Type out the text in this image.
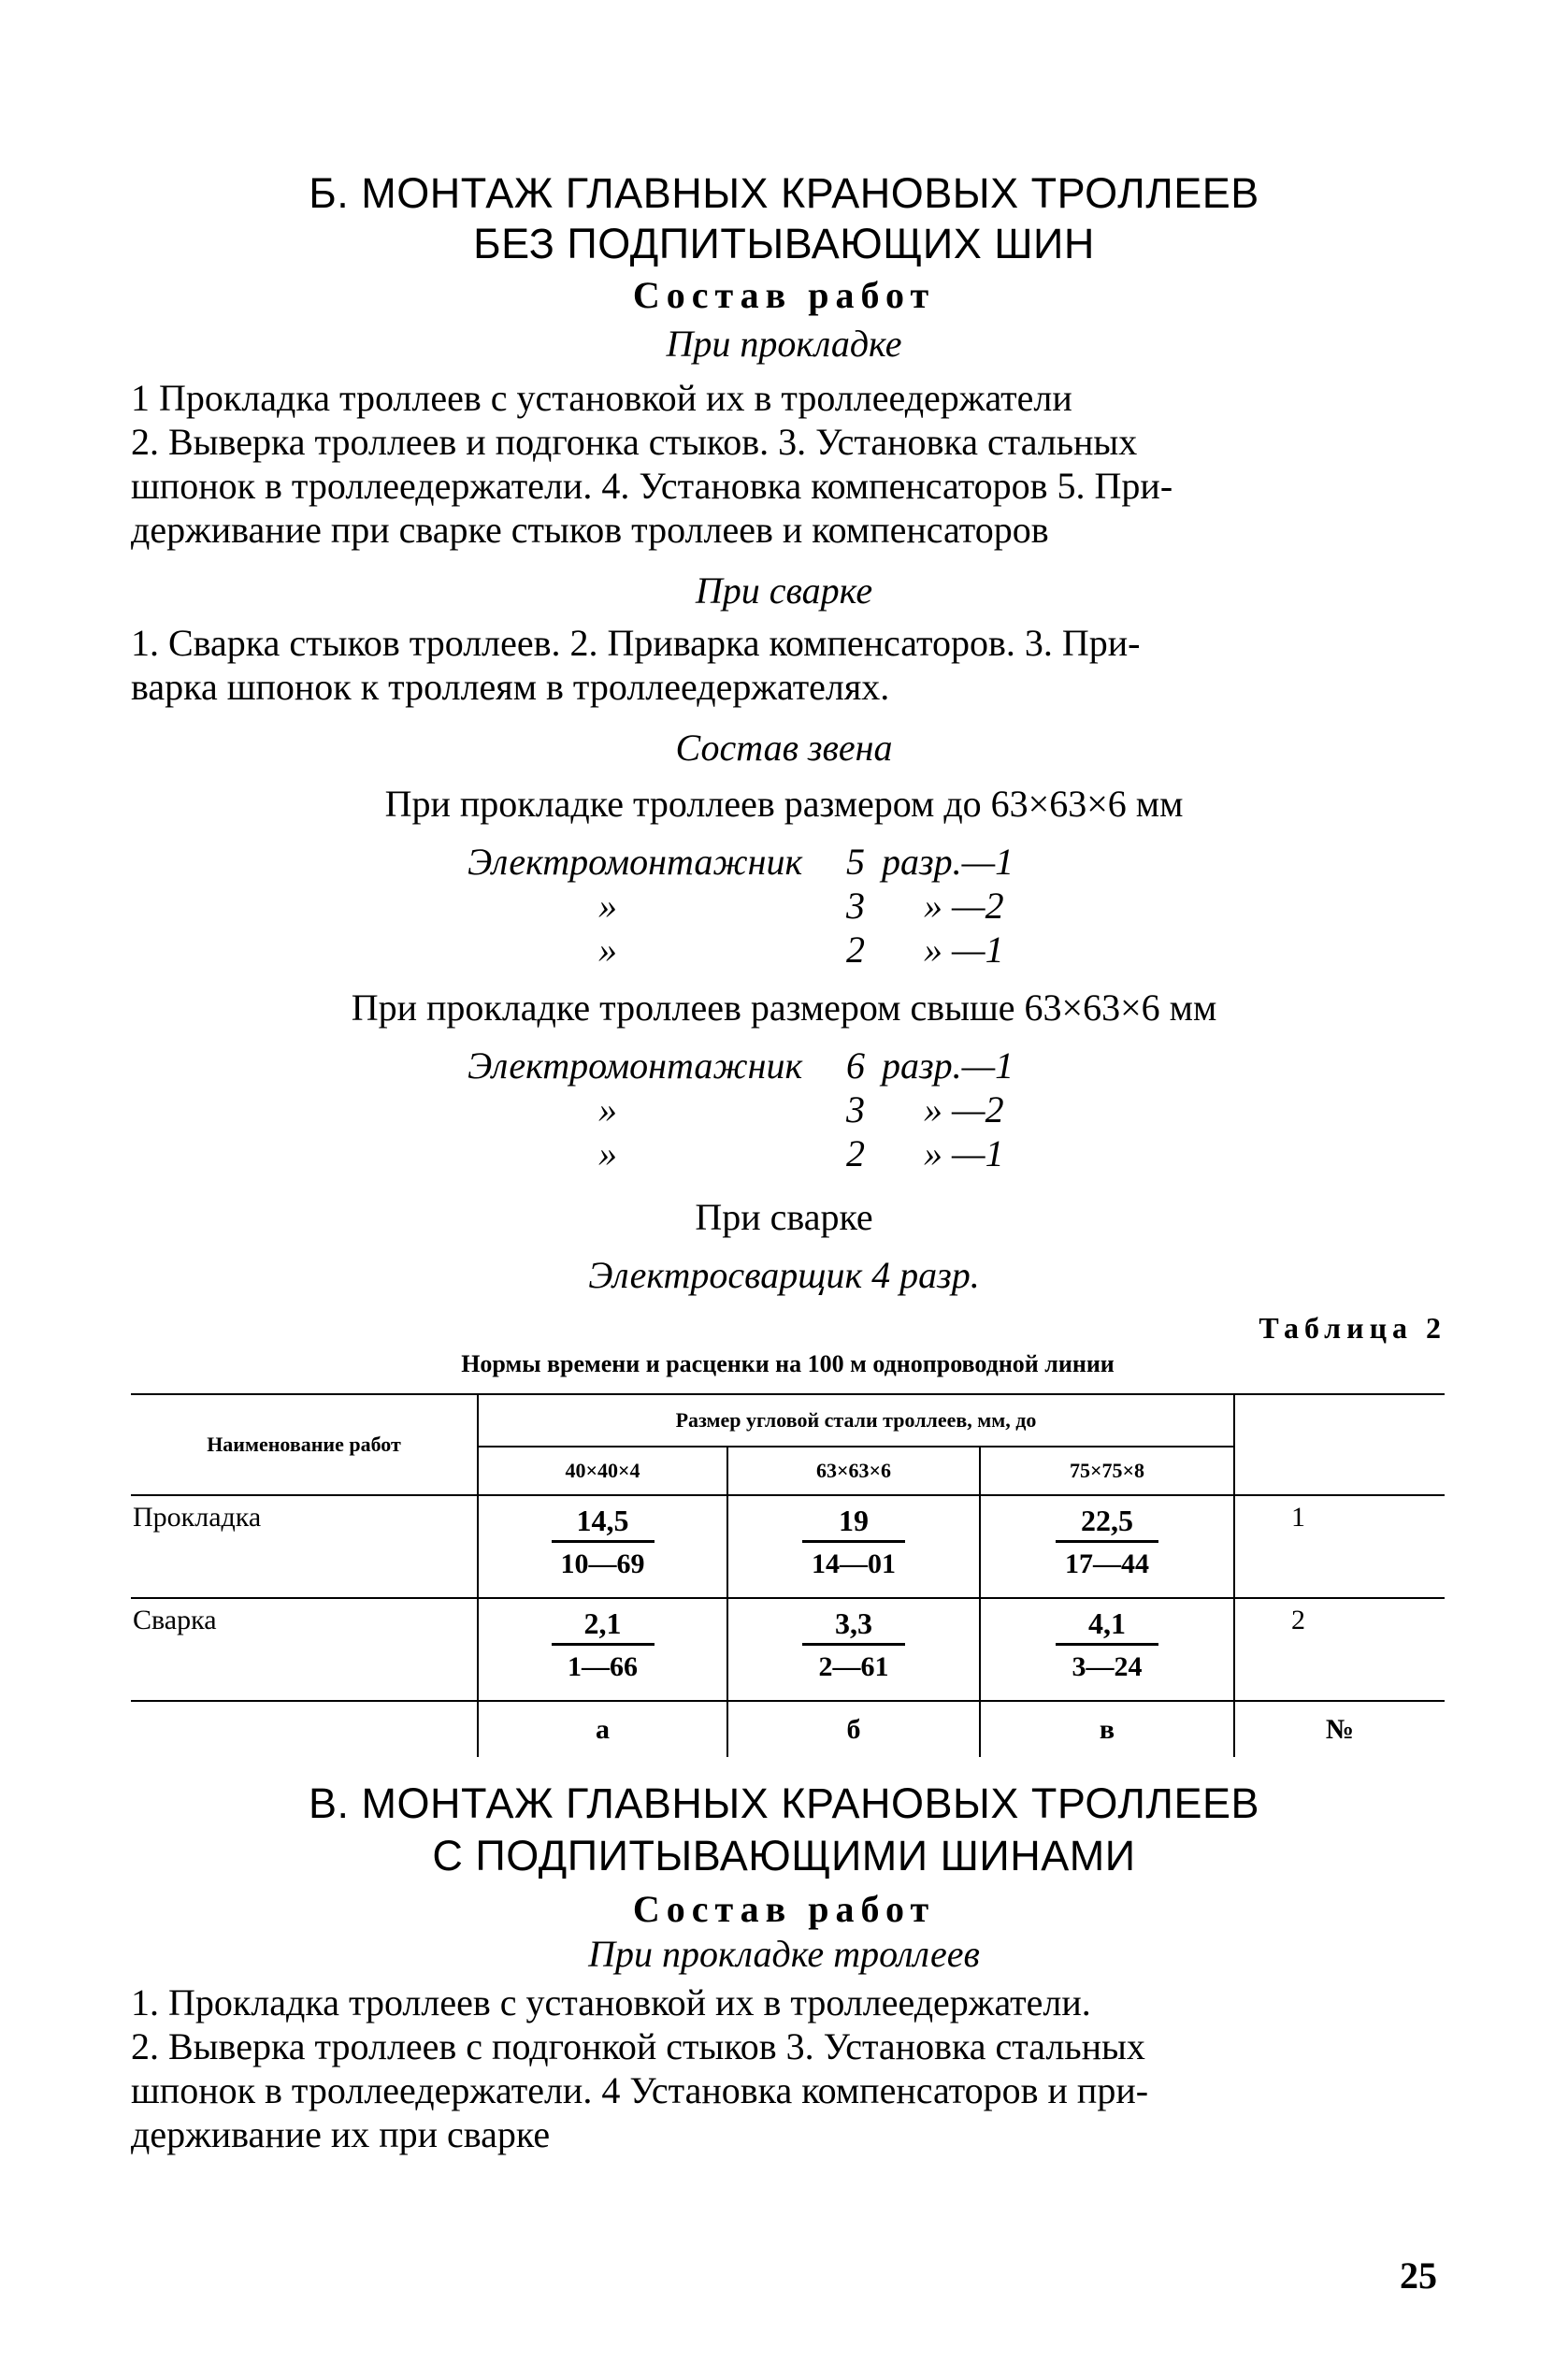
Б. МОНТАЖ ГЛАВНЫХ КРАНОВЫХ ТРОЛЛЕЕВ
БЕЗ ПОДПИТЫВАЮЩИХ ШИН
Состав работ
При прокладке
1 Прокладка троллеев с установкой их в троллеедержатели
2. Выверка троллеев и подгонка стыков. 3. Установка стальных
шпонок в троллеедержатели. 4. Установка компенсаторов 5. При-
держивание при сварке стыков троллеев и компенсаторов
При сварке
1. Сварка стыков троллеев. 2. Приварка компенсаторов. 3. При-
варка шпонок к троллеям в троллеедержателях.
Состав звена
При прокладке троллеев размером до 63×63×6 мм
Электромонтажник 5 разр.—1
»	3 » —2
»	2 » —1
При прокладке троллеев размером свыше 63×63×6 мм
Электромонтажник 6 разр.—1
»	3 » —2
»	2 » —1
При сварке
Электросварщик 4 разр.
Таблица 2
Нормы времени и расценки на 100 м однопроводной линии
Наименование работ	Размер угловой стали троллеев, мм, до			
	40×40×4	63×63×6	75×75×8	
Прокладка	$\frac{14,5}{10—69}$	$\frac{19}{14—01}$	$\frac{22,5}{17—44}$	1
Сварка	$\frac{2,1}{1—66}$	$\frac{3,3}{2—61}$	$\frac{4,1}{3—24}$	2
	а	б	в	№
В. МОНТАЖ ГЛАВНЫХ КРАНОВЫХ ТРОЛЛЕЕВ
С ПОДПИТЫВАЮЩИМИ ШИНАМИ
Состав работ
При прокладке троллеев
1. Прокладка троллеев с установкой их в троллеедержатели.
2. Выверка троллеев с подгонкой стыков 3. Установка стальных
шпонок в троллеедержатели. 4 Установка компенсаторов и при-
держивание их при сварке
25
